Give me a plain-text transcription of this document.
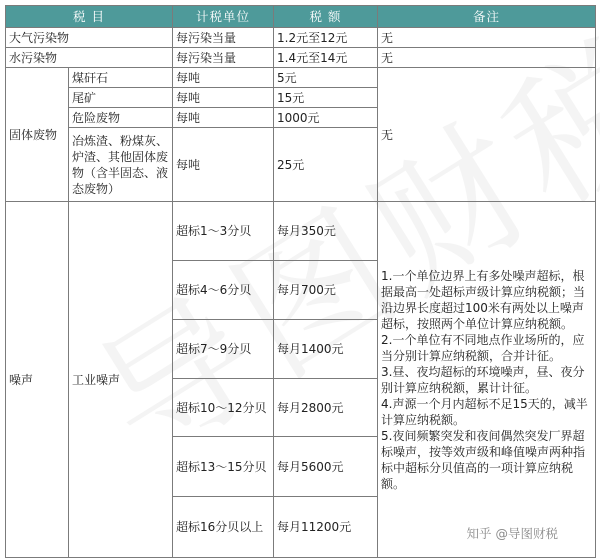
税 目		计税单位	税 额	备注
大气污染物		每污染当量	1.2元至12元	无
水污染物		每污染当量	1.4元至14元	无
固体废物	煤矸石	每吨	5元	无
	尾矿	每吨	15元	
	危险废物	每吨	1000元	
	冶炼渣、粉煤灰、炉渣、其他固体废物（含半固态、液态废物）	每吨	25元	
噪声	工业噪声	超标1～3分贝	每月350元	1.一个单位边界上有多处噪声超标，根据最高一处超标声级计算应纳税额；当沿边界长度超过100米有两处以上噪声超标，按照两个单位计算应纳税额。
2.一个单位有不同地点作业场所的，应当分别计算应纳税额，合并计征。
3.昼、夜均超标的环境噪声，昼、夜分别计算应纳税额，累计计征。
4.声源一个月内超标不足15天的，减半计算应纳税额。
5.夜间频繁突发和夜间偶然突发厂界超标噪声，按等效声级和峰值噪声两种指标中超标分贝值高的一项计算应纳税额。

		超标4～6分贝	每月700元	
		超标7～9分贝	每月1400元	
		超标10～12分贝	每月2800元	
		超标13～15分贝	每月5600元	
		超标16分贝以上	每月11200元		知乎 @导图财税
